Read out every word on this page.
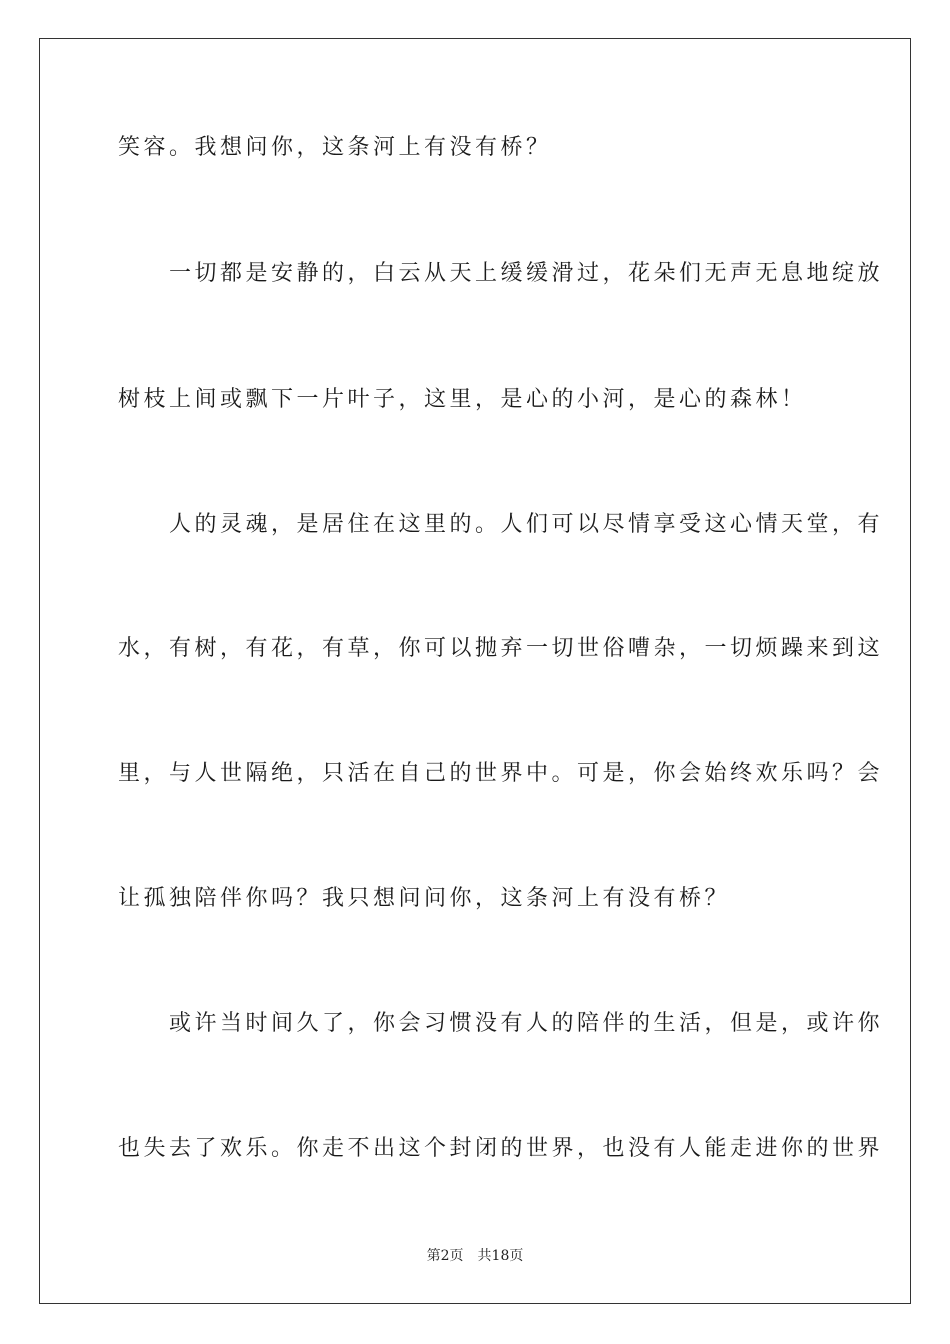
笑容。我想问你，这条河上有没有桥？
　　一切都是安静的，白云从天上缓缓滑过，花朵们无声无息地绽放
树枝上间或飘下一片叶子，这里，是心的小河，是心的森林！
　　人的灵魂，是居住在这里的。人们可以尽情享受这心情天堂，有
水，有树，有花，有草，你可以抛弃一切世俗嘈杂，一切烦躁来到这
里，与人世隔绝，只活在自己的世界中。可是，你会始终欢乐吗？会
让孤独陪伴你吗？我只想问问你，这条河上有没有桥？
　　或许当时间久了，你会习惯没有人的陪伴的生活，但是，或许你
也失去了欢乐。你走不出这个封闭的世界，也没有人能走进你的世界
第2页 共18页
